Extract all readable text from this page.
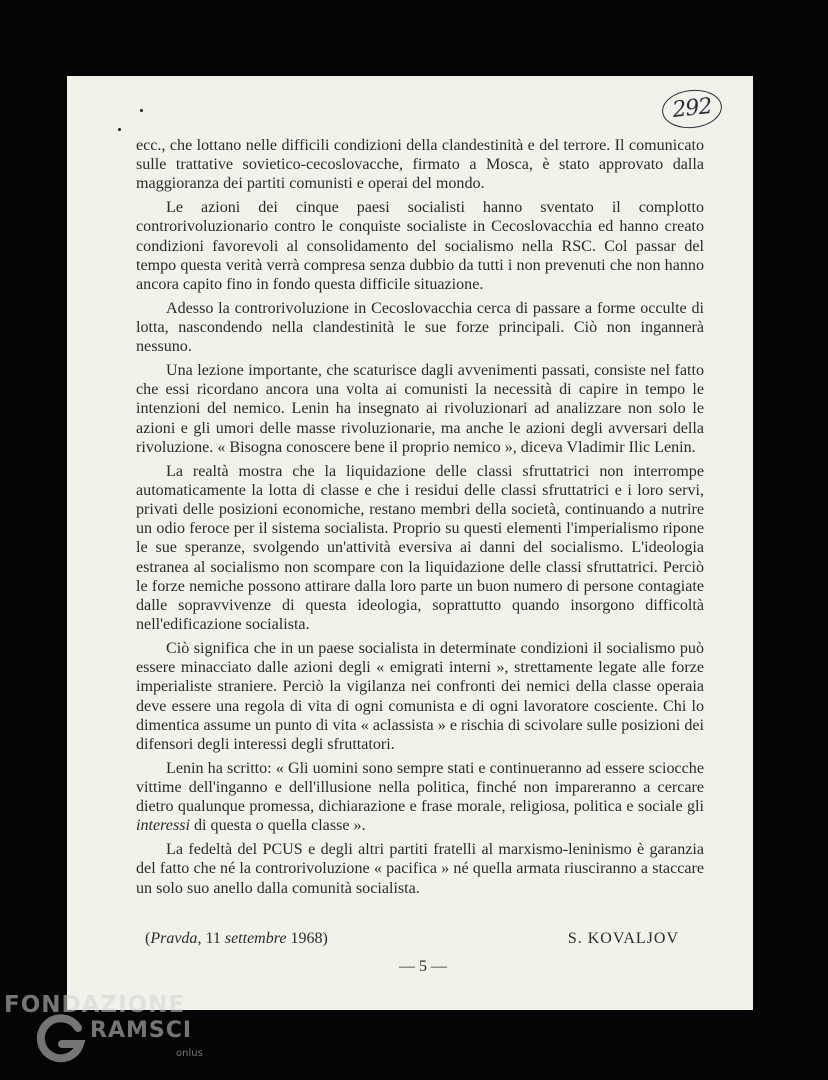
292

ecc., che lottano nelle difficili condizioni della clandestinità e del terrore. Il comunicato sulle trattative sovietico-cecoslovacche, firmato a Mosca, è stato approvato dalla maggioranza dei partiti comunisti e operai del mondo.

Le azioni dei cinque paesi socialisti hanno sventato il complotto controrivoluzionario contro le conquiste socialiste in Cecoslovacchia ed hanno creato condizioni favorevoli al consolidamento del socialismo nella RSC. Col passar del tempo questa verità verrà compresa senza dubbio da tutti i non prevenuti che non hanno ancora capito fino in fondo questa difficile situazione.

Adesso la controrivoluzione in Cecoslovacchia cerca di passare a forme occulte di lotta, nascondendo nella clandestinità le sue forze principali. Ciò non ingannerà nessuno.

Una lezione importante, che scaturisce dagli avvenimenti passati, consiste nel fatto che essi ricordano ancora una volta ai comunisti la necessità di capire in tempo le intenzioni del nemico. Lenin ha insegnato ai rivoluzionari ad analizzare non solo le azioni e gli umori delle masse rivoluzionarie, ma anche le azioni degli avversari della rivoluzione. « Bisogna conoscere bene il proprio nemico », diceva Vladimir Ilic Lenin.

La realtà mostra che la liquidazione delle classi sfruttatrici non interrompe automaticamente la lotta di classe e che i residui delle classi sfruttatrici e i loro servi, privati delle posizioni economiche, restano membri della società, continuando a nutrire un odio feroce per il sistema socialista. Proprio su questi elementi l'imperialismo ripone le sue speranze, svolgendo un'attività eversiva ai danni del socialismo. L'ideologia estranea al socialismo non scompare con la liquidazione delle classi sfruttatrici. Perciò le forze nemiche possono attirare dalla loro parte un buon numero di persone contagiate dalle sopravvivenze di questa ideologia, soprattutto quando insorgono difficoltà nell'edificazione socialista.

Ciò significa che in un paese socialista in determinate condizioni il socialismo può essere minacciato dalle azioni degli « emigrati interni », strettamente legate alle forze imperialiste straniere. Perciò la vigilanza nei confronti dei nemici della classe operaia deve essere una regola di vita di ogni comunista e di ogni lavoratore cosciente. Chi lo dimentica assume un punto di vita « aclassista » e rischia di scivolare sulle posizioni dei difensori degli interessi degli sfruttatori.

Lenin ha scritto: « Gli uomini sono sempre stati e continueranno ad essere sciocche vittime dell'inganno e dell'illusione nella politica, finché non impareranno a cercare dietro qualunque promessa, dichiarazione e frase morale, religiosa, politica e sociale gli interessi di questa o quella classe ».

La fedeltà del PCUS e degli altri partiti fratelli al marxismo-leninismo è garanzia del fatto che né la controrivoluzione « pacifica » né quella armata riusciranno a staccare un solo suo anello dalla comunità socialista.

(Pravda, 11 settembre 1968)	S. KOVALJOV
— 5 —
FONDAZIONE
RAMSCI
onlus
